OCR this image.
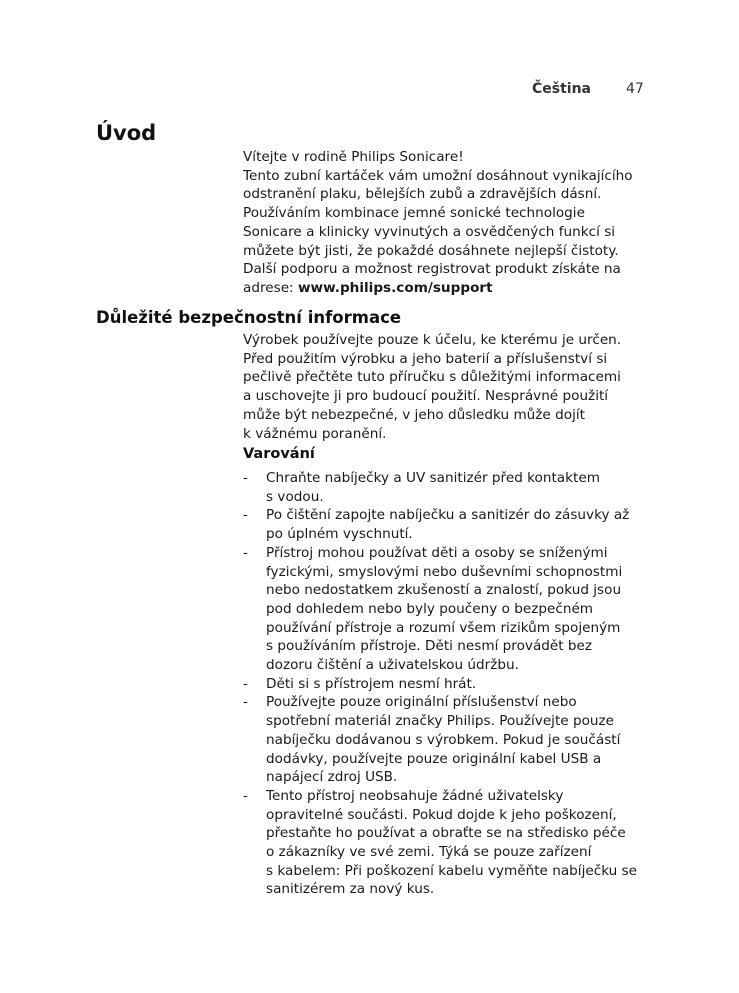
Čeština	47
Úvod

Vítejte v rodině Philips Sonicare!

Tento zubní kartáček vám umožní dosáhnout vynikajícího

odstranění plaku, bělejších zubů a zdravějších dásní.

Používáním kombinace jemné sonické technologie

Sonicare a klinicky vyvinutých a osvědčených funkcí si

můžete být jisti, že pokaždé dosáhnete nejlepší čistoty.

Další podporu a možnost registrovat produkt získáte na

adrese: www.philips.com/support

Důležité bezpečnostní informace

Výrobek používejte pouze k účelu, ke kterému je určen.

Před použitím výrobku a jeho baterií a příslušenství si

pečlivě přečtěte tuto příručku s důležitými informacemi

a uschovejte ji pro budoucí použití. Nesprávné použití

může být nebezpečné, v jeho důsledku může dojít

k vážnému poranění.

Varování
- Chraňte nabíječky a UV sanitizér před kontaktem
s vodou.
- Po čištění zapojte nabíječku a sanitizér do zásuvky až
po úplném vyschnutí.
- Přístroj mohou používat děti a osoby se sníženými
fyzickými, smyslovými nebo duševními schopnostmi
nebo nedostatkem zkušeností a znalostí, pokud jsou
pod dohledem nebo byly poučeny o bezpečném
používání přístroje a rozumí všem rizikům spojeným
s používáním přístroje. Děti nesmí provádět bez
dozoru čištění a uživatelskou údržbu.
- Děti si s přístrojem nesmí hrát.
- Používejte pouze originální příslušenství nebo
spotřební materiál značky Philips. Používejte pouze
nabíječku dodávanou s výrobkem. Pokud je součástí
dodávky, používejte pouze originální kabel USB a
napájecí zdroj USB.
- Tento přístroj neobsahuje žádné uživatelsky
opravitelné součásti. Pokud dojde k jeho poškození,
přestaňte ho používat a obraťte se na středisko péče
o zákazníky ve své zemi. Týká se pouze zařízení
s kabelem: Při poškození kabelu vyměňte nabíječku se
sanitizérem za nový kus.
